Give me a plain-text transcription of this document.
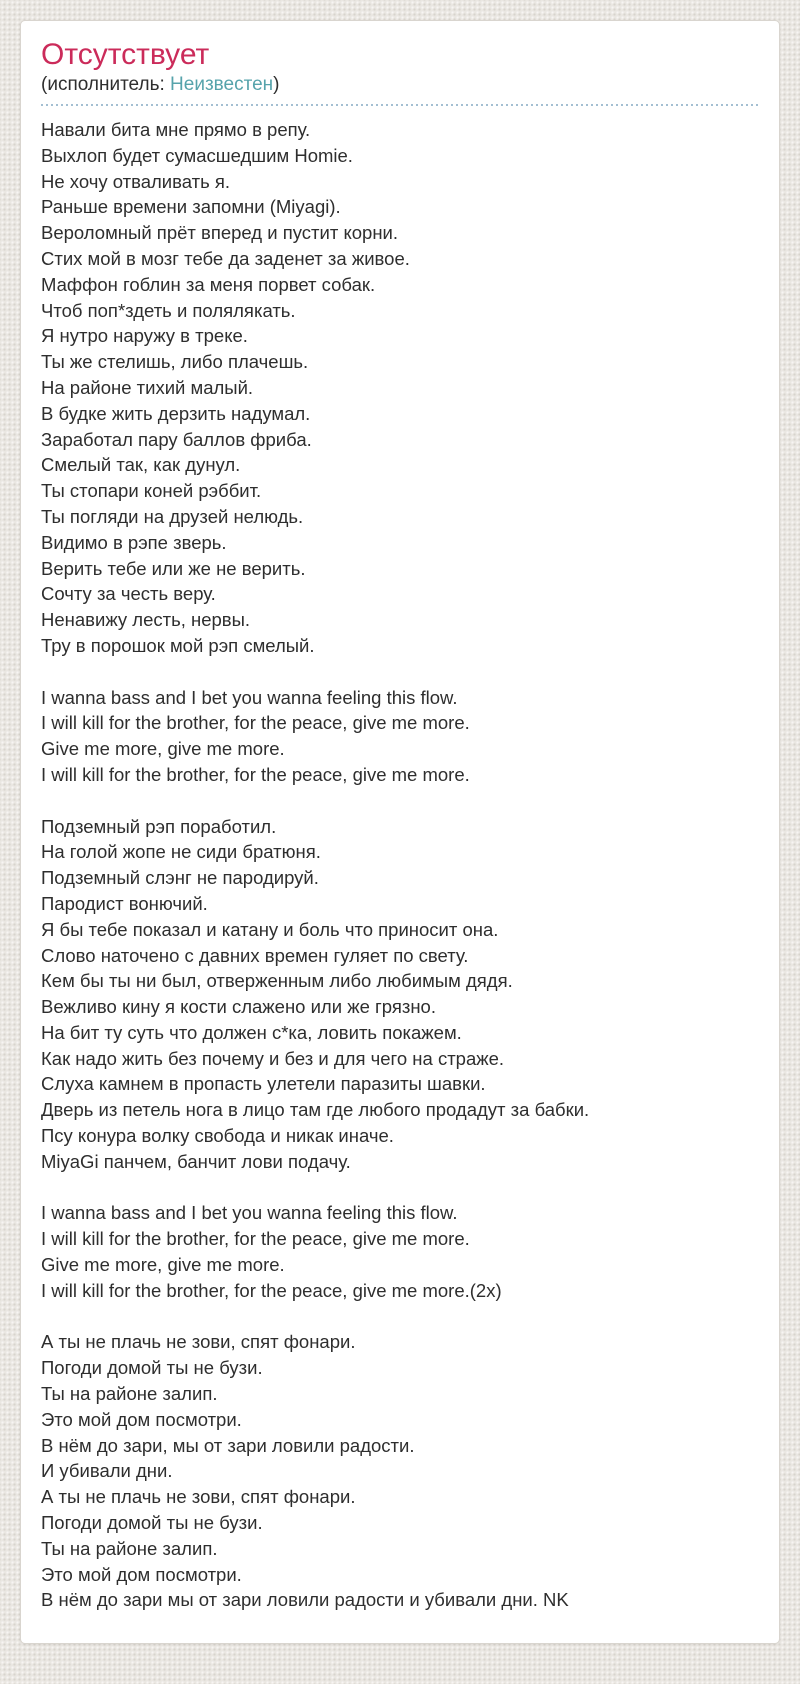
Отсутствует
(исполнитель: Неизвестен)
Навали бита мне прямо в репу.
Выхлоп будет сумасшедшим Homie.
Не хочу отваливать я.
Раньше времени запомни (Miyagi).
Вероломный прёт вперед и пустит корни.
Стих мой в мозг тебе да заденет за живое.
Маффон гоблин за меня порвет собак.
Чтоб поп*здеть и полялякать.
Я нутро наружу в треке.
Ты же стелишь, либо плачешь.
На районе тихий малый.
В будке жить дерзить надумал.
Заработал пару баллов фриба.
Смелый так, как дунул.
Ты стопари коней рэббит.
Ты погляди на друзей нелюдь.
Видимо в рэпе зверь.
Верить тебе или же не верить.
Сочту за честь веру.
Ненавижу лесть, нервы.
Тру в порошок мой рэп смелый.
I wanna bass and I bet you wanna feeling this flow.
I will kill for the brother, for the peace, give me more.
Give me more, give me more.
I will kill for the brother, for the peace, give me more.
Подземный рэп поработил.
На голой жопе не сиди братюня.
Подземный слэнг не пародируй.
Пародист вонючий.
Я бы тебе показал и катану и боль что приносит она.
Слово наточено с давних времен гуляет по свету.
Кем бы ты ни был, отверженным либо любимым дядя.
Вежливо кину я кости слажено или же грязно.
На бит ту суть что должен с*ка, ловить покажем.
Как надо жить без почему и без и для чего на страже.
Слуха камнем в пропасть улетели паразиты шавки.
Дверь из петель нога в лицо там где любого продадут за бабки.
Псу конура волку свобода и никак иначе.
MiyaGi панчем, банчит лови подачу.
I wanna bass and I bet you wanna feeling this flow.
I will kill for the brother, for the peace, give me more.
Give me more, give me more.
I will kill for the brother, for the peace, give me more.(2x)
А ты не плачь не зови, спят фонари.
Погоди домой ты не бузи.
Ты на районе залип.
Это мой дом посмотри.
В нём до зари, мы от зари ловили радости.
И убивали дни.
А ты не плачь не зови, спят фонари.
Погоди домой ты не бузи.
Ты на районе залип.
Это мой дом посмотри.
В нём до зари мы от зари ловили радости и убивали дни. NK
